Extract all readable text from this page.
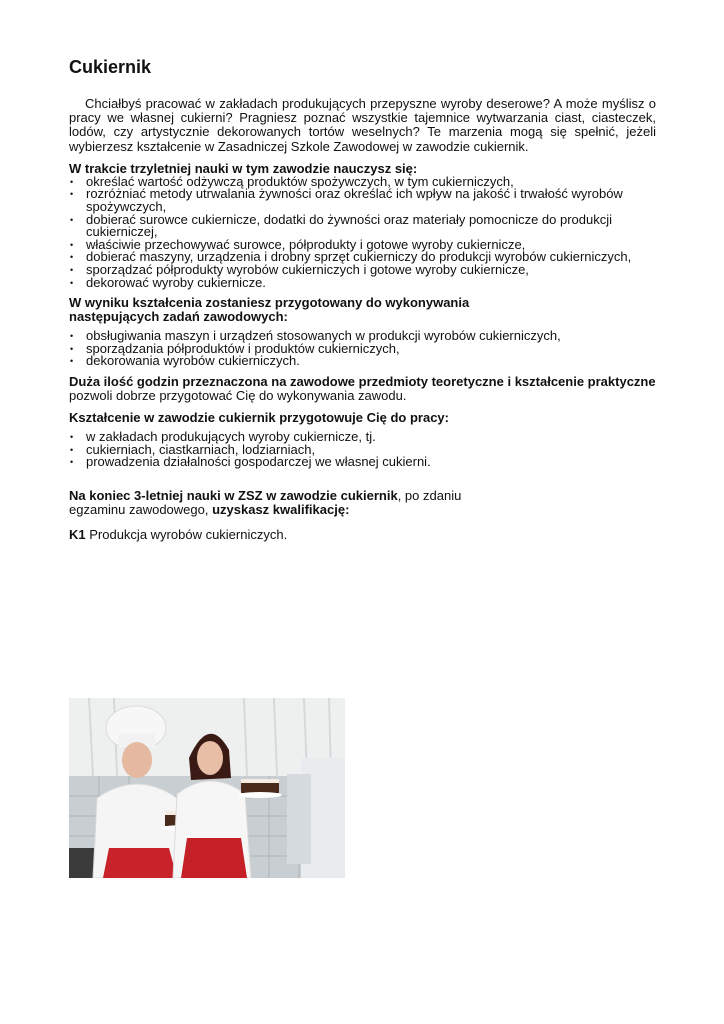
Cukiernik

Chciałbyś pracować w zakładach produkujących przepyszne wyroby deserowe? A może myślisz o pracy we własnej cukierni? Pragniesz poznać wszystkie tajemnice wytwarzania ciast, ciasteczek, lodów, czy artystycznie dekorowanych tortów weselnych? Te marzenia mogą się spełnić, jeżeli wybierzesz kształcenie w Zasadniczej Szkole Zawodowej w zawodzie cukiernik.

W trakcie trzyletniej nauki w tym zawodzie nauczysz się:
• określać wartość odżywczą produktów spożywczych, w tym cukierniczych,
• rozróżniać metody utrwalania żywności oraz określać ich wpływ na jakość i trwałość wyrobów spożywczych,
• dobierać surowce cukiernicze, dodatki do żywności oraz materiały pomocnicze do produkcji cukierniczej,
• właściwie przechowywać surowce, półprodukty i gotowe wyroby cukiernicze,
• dobierać maszyny, urządzenia i drobny sprzęt cukierniczy do produkcji wyrobów cukierniczych,
• sporządzać półprodukty wyrobów cukierniczych i gotowe wyroby cukiernicze,
• dekorować wyroby cukiernicze.
W wyniku kształcenia zostaniesz przygotowany do wykonywania następujących zadań zawodowych:
• obsługiwania maszyn i urządzeń stosowanych w produkcji wyrobów cukierniczych,
• sporządzania półproduktów i produktów cukierniczych,
• dekorowania wyrobów cukierniczych.

Duża ilość godzin przeznaczona na zawodowe przedmioty teoretyczne i kształcenie praktyczne pozwoli dobrze przygotować Cię do wykonywania zawodu.

Kształcenie w zawodzie cukiernik przygotowuje Cię do pracy:
• w zakładach produkujących wyroby cukiernicze, tj.
• cukierniach, ciastkarniach, lodziarniach,
• prowadzenia działalności gospodarczej we własnej cukierni.

Na koniec 3-letniej nauki w ZSZ w zawodzie cukiernik, po zdaniu egzaminu zawodowego, uzyskasz kwalifikację:

K1 Produkcja wyrobów cukierniczych.
